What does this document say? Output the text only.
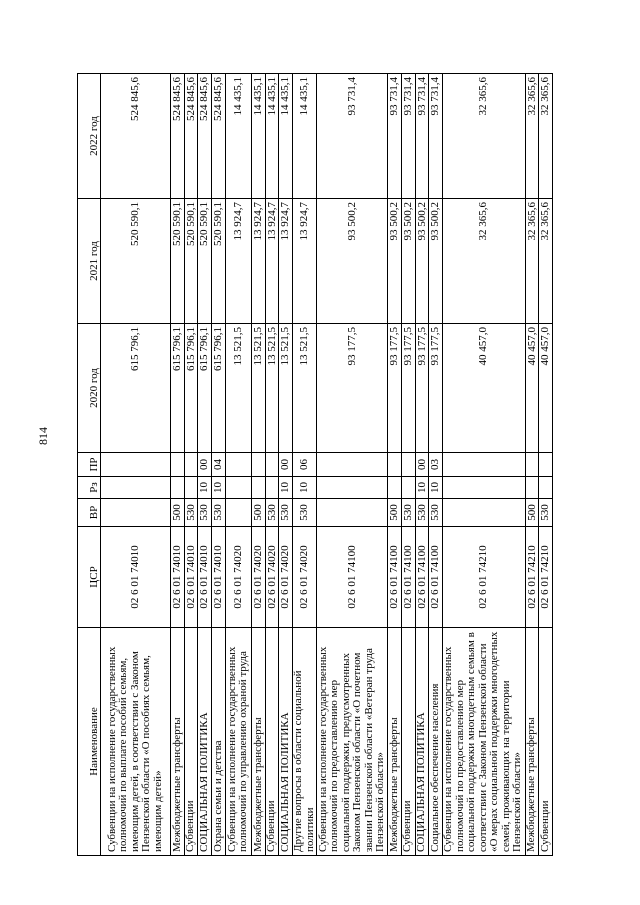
814
Наименование	ЦСР	ВР	Рз	ПР	2020 год	2021 год	2022 год
Субвенции на исполнение государственных полномочий по выплате пособий семьям, имеющим детей, в соответствии с Законом Пензенской области «О пособиях семьям, имеющим детей»	02 6 01 74010				615 796,1	520 590,1	524 845,6
Межбюджетные трансферты	02 6 01 74010	500			615 796,1	520 590,1	524 845,6
Субвенции	02 6 01 74010	530			615 796,1	520 590,1	524 845,6
СОЦИАЛЬНАЯ ПОЛИТИКА	02 6 01 74010	530	10	00	615 796,1	520 590,1	524 845,6
Охрана семьи и детства	02 6 01 74010	530	10	04	615 796,1	520 590,1	524 845,6
Субвенции на исполнение государственных полномочий по управлению охраной труда	02 6 01 74020				13 521,5	13 924,7	14 435,1
Межбюджетные трансферты	02 6 01 74020	500			13 521,5	13 924,7	14 435,1
Субвенции	02 6 01 74020	530			13 521,5	13 924,7	14 435,1
СОЦИАЛЬНАЯ ПОЛИТИКА	02 6 01 74020	530	10	00	13 521,5	13 924,7	14 435,1
Другие вопросы в области социальной политики	02 6 01 74020	530	10	06	13 521,5	13 924,7	14 435,1
Субвенции на исполнение государственных полномочий по предоставлению мер социальной поддержки, предусмотренных Законом Пензенской области «О почетном звании Пензенской области «Ветеран труда Пензенской области»	02 6 01 74100				93 177,5	93 500,2	93 731,4
Межбюджетные трансферты	02 6 01 74100	500			93 177,5	93 500,2	93 731,4
Субвенции	02 6 01 74100	530			93 177,5	93 500,2	93 731,4
СОЦИАЛЬНАЯ ПОЛИТИКА	02 6 01 74100	530	10	00	93 177,5	93 500,2	93 731,4
Социальное обеспечение населения	02 6 01 74100	530	10	03	93 177,5	93 500,2	93 731,4
Субвенции на исполнение государственных полномочий по предоставлению мер социальной поддержки многодетным семьям в соответствии с Законом Пензенской области «О мерах социальной поддержки многодетных семей, проживающих на территории Пензенской области»	02 6 01 74210				40 457,0	32 365,6	32 365,6
Межбюджетные трансферты	02 6 01 74210	500			40 457,0	32 365,6	32 365,6
Субвенции	02 6 01 74210	530			40 457,0	32 365,6	32 365,6
